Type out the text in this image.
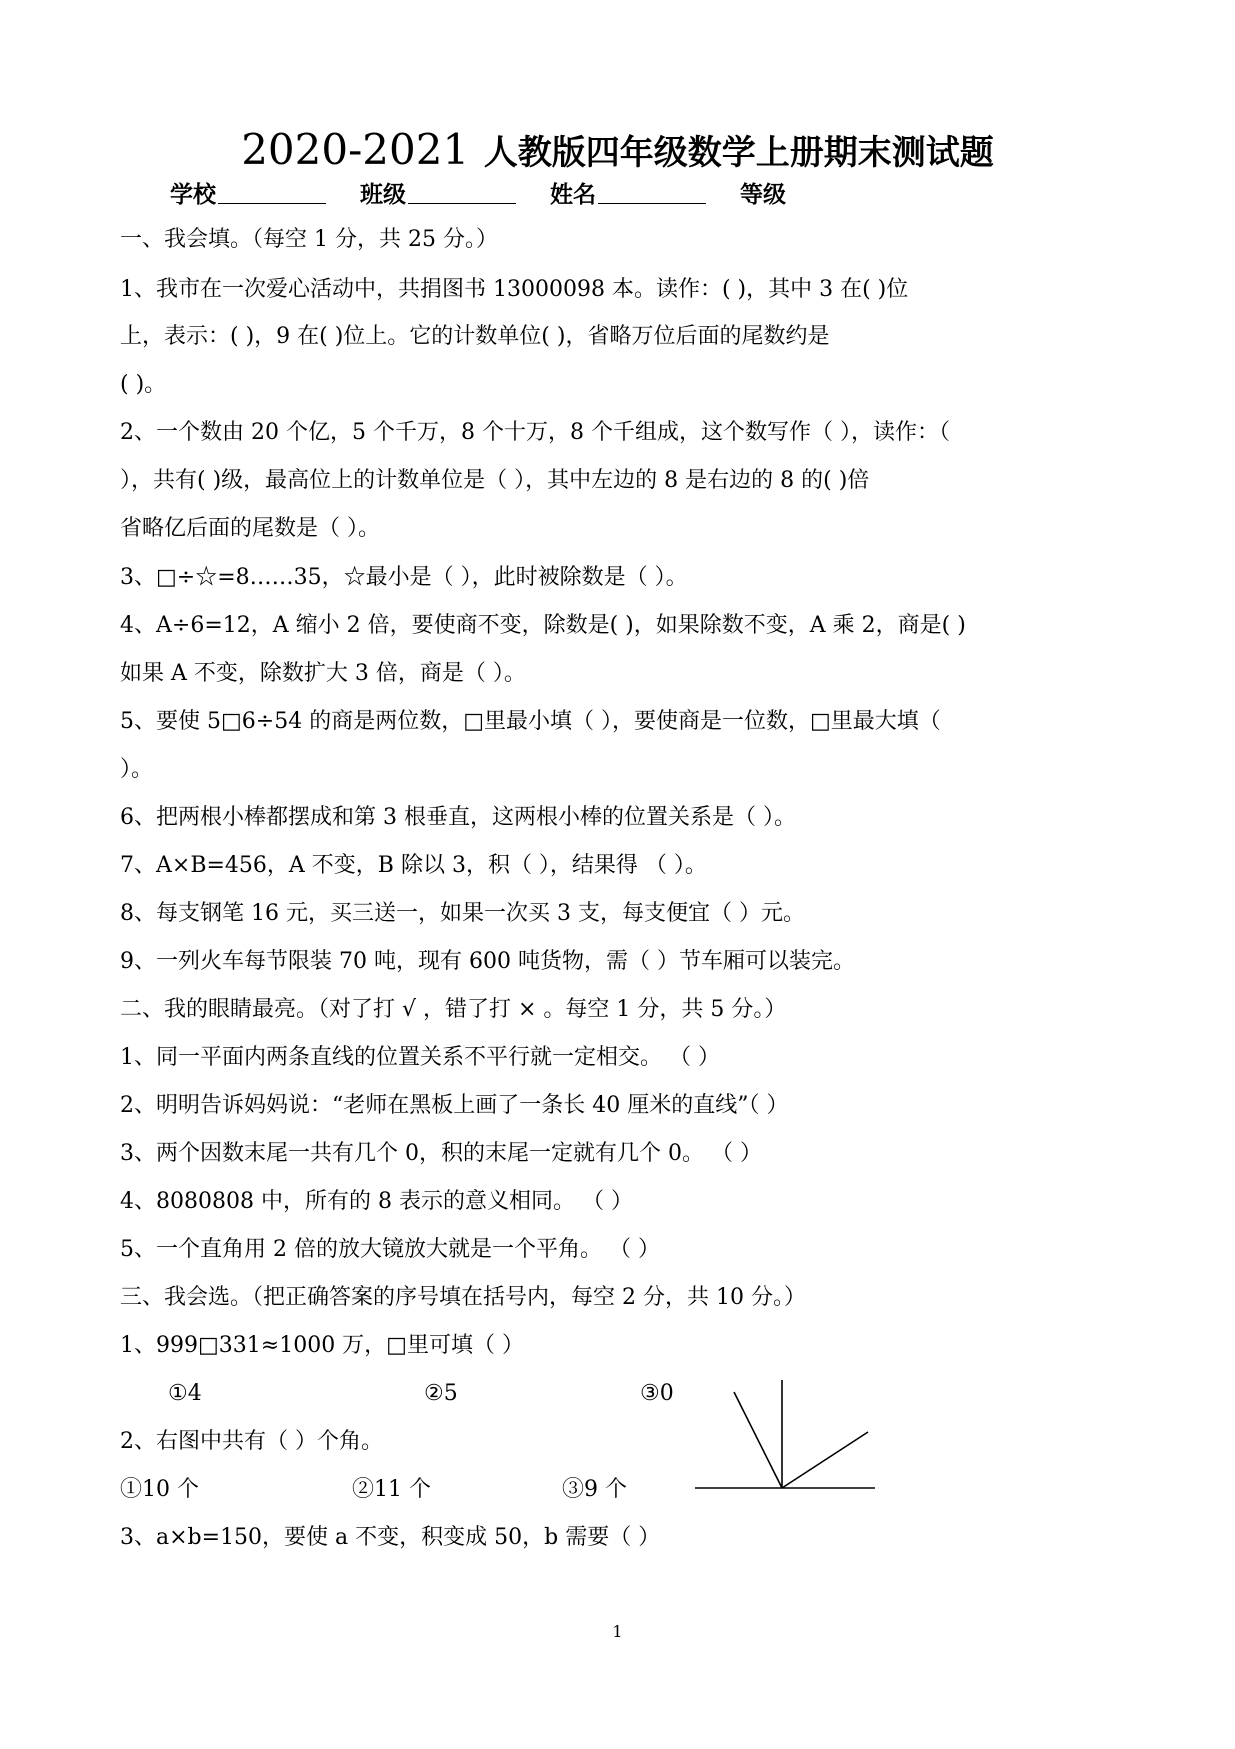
2020-2021 人教版四年级数学上册期末测试题
学校	班级	姓名	等级
一、我会填。（每空 1 分，共 25 分。）
1、我市在一次爱心活动中，共捐图书 13000098 本。读作：( )，其中 3 在( )位
上，表示：( )，9 在( )位上。它的计数单位( )，省略万位后面的尾数约是
( )。
2、一个数由 20 个亿，5 个千万，8 个十万，8 个千组成，这个数写作（ ），读作：（
），共有( )级，最高位上的计数单位是（ ），其中左边的 8 是右边的 8 的( )倍
省略亿后面的尾数是（ ）。
3、□÷☆=8……35，☆最小是（ ），此时被除数是（ ）。
4、A÷6=12，A 缩小 2 倍，要使商不变，除数是( )，如果除数不变，A 乘 2，商是( )
如果 A 不变，除数扩大 3 倍，商是（ ）。
5、要使 5□6÷54 的商是两位数，□里最小填（ ），要使商是一位数，□里最大填（
）。
6、把两根小棒都摆成和第 3 根垂直，这两根小棒的位置关系是（ ）。
7、A×B=456，A 不变，B 除以 3，积（ ），结果得 （ ）。
8、每支钢笔 16 元，买三送一，如果一次买 3 支，每支便宜（ ）元。
9、一列火车每节限装 70 吨，现有 600 吨货物，需（ ）节车厢可以装完。
二、我的眼睛最亮。（对了打 √ ，错了打 × 。每空 1 分，共 5 分。）
1、同一平面内两条直线的位置关系不平行就一定相交。 （ ）
2、明明告诉妈妈说：“老师在黑板上画了一条长 40 厘米的直线”（ ）
3、两个因数末尾一共有几个 0，积的末尾一定就有几个 0。 （ ）
4、8080808 中，所有的 8 表示的意义相同。 （ ）
5、一个直角用 2 倍的放大镜放大就是一个平角。 （ ）
三、我会选。（把正确答案的序号填在括号内，每空 2 分，共 10 分。）
1、999□331≈1000 万，□里可填（ ）
①4	②5	③0
2、右图中共有（ ）个角。
①10 个	②11 个	③9 个
3、a×b=150，要使 a 不变，积变成 50，b 需要（ ）
1
